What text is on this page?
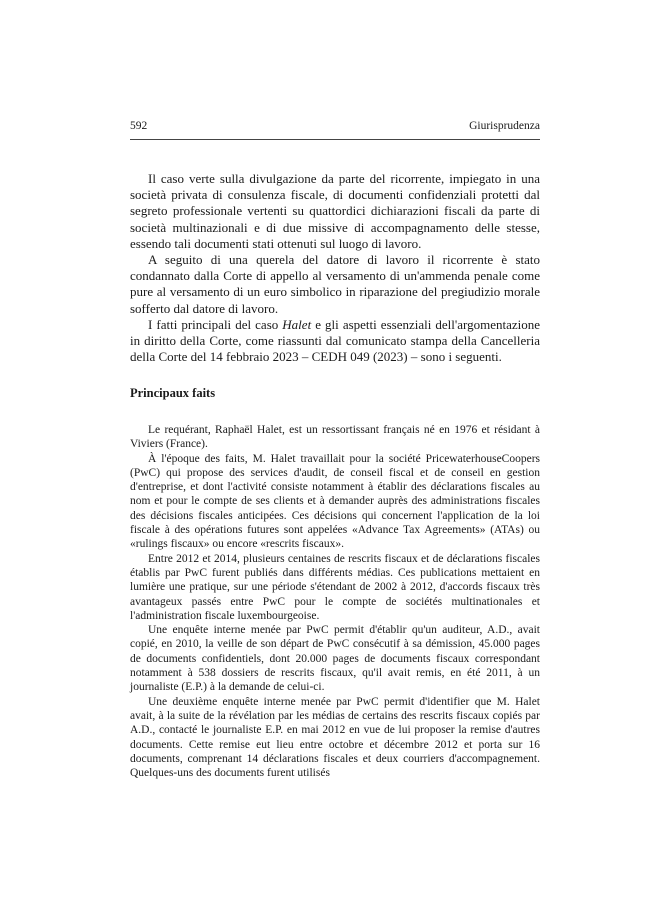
592	Giurisprudenza

Il caso verte sulla divulgazione da parte del ricorrente, impiegato in una società privata di consulenza fiscale, di documenti confidenziali protetti dal segreto professionale vertenti su quattordici dichiarazioni fiscali da parte di società multinazionali e di due missive di accompagnamento delle stesse, essendo tali documenti stati ottenuti sul luogo di lavoro.

A seguito di una querela del datore di lavoro il ricorrente è stato condannato dalla Corte di appello al versamento di un'ammenda penale come pure al versamento di un euro simbolico in riparazione del pregiudizio morale sofferto dal datore di lavoro.

I fatti principali del caso Halet e gli aspetti essenziali dell'argomentazione in diritto della Corte, come riassunti dal comunicato stampa della Cancelleria della Corte del 14 febbraio 2023 – CEDH 049 (2023) – sono i seguenti.

Principaux faits

Le requérant, Raphaël Halet, est un ressortissant français né en 1976 et résidant à Viviers (France).

À l'époque des faits, M. Halet travaillait pour la société PricewaterhouseCoopers (PwC) qui propose des services d'audit, de conseil fiscal et de conseil en gestion d'entreprise, et dont l'activité consiste notamment à établir des déclarations fiscales au nom et pour le compte de ses clients et à demander auprès des administrations fiscales des décisions fiscales anticipées. Ces décisions qui concernent l'application de la loi fiscale à des opérations futures sont appelées «Advance Tax Agreements» (ATAs) ou «rulings fiscaux» ou encore «rescrits fiscaux».

Entre 2012 et 2014, plusieurs centaines de rescrits fiscaux et de déclarations fiscales établis par PwC furent publiés dans différents médias. Ces publications mettaient en lumière une pratique, sur une période s'étendant de 2002 à 2012, d'accords fiscaux très avantageux passés entre PwC pour le compte de sociétés multinationales et l'administration fiscale luxembourgeoise.

Une enquête interne menée par PwC permit d'établir qu'un auditeur, A.D., avait copié, en 2010, la veille de son départ de PwC consécutif à sa démission, 45.000 pages de documents confidentiels, dont 20.000 pages de documents fiscaux correspondant notamment à 538 dossiers de rescrits fiscaux, qu'il avait remis, en été 2011, à un journaliste (E.P.) à la demande de celui-ci.

Une deuxième enquête interne menée par PwC permit d'identifier que M. Halet avait, à la suite de la révélation par les médias de certains des rescrits fiscaux copiés par A.D., contacté le journaliste E.P. en mai 2012 en vue de lui proposer la remise d'autres documents. Cette remise eut lieu entre octobre et décembre 2012 et porta sur 16 documents, comprenant 14 déclarations fiscales et deux courriers d'accompagnement. Quelques-uns des documents furent utilisés
